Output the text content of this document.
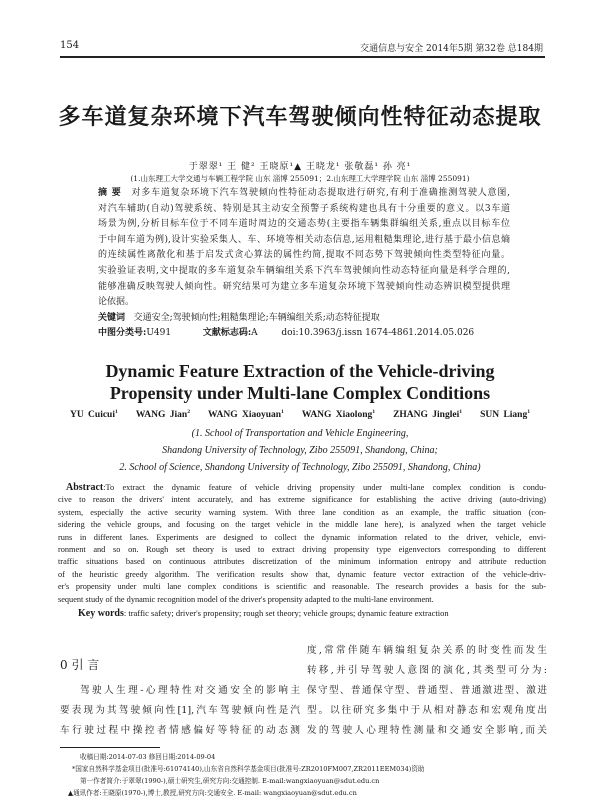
154	交通信息与安全 2014年5期 第32卷 总184期
多车道复杂环境下汽车驾驶倾向性特征动态提取
于翠翠¹ 王 健² 王晓原¹▲ 王晓龙¹ 张敬磊¹ 孙 亮¹
(1.山东理工大学交通与车辆工程学院 山东 淄博 255091；2.山东理工大学理学院 山东 淄博 255091)
摘 要 对多车道复杂环境下汽车驾驶倾向性特征动态提取进行研究,有利于准确推测驾驶人意图,
对汽车辅助(自动)驾驶系统、特别是其主动安全预警子系统构建也具有十分重要的意义。以3车道
场景为例,分析目标车位于不同车道时周边的交通态势(主要指车辆集群编组关系,重点以目标车位
于中间车道为例),设计实验采集人、车、环境等相关动态信息,运用粗糙集理论,进行基于最小信息熵
的连续属性离散化和基于启发式贪心算法的属性约简,提取不同态势下驾驶倾向性类型特征向量。
实验验证表明,文中提取的多车道复杂车辆编组关系下汽车驾驶倾向性动态特征向量是科学合理的,
能够准确反映驾驶人倾向性。研究结果可为建立多车道复杂环境下驾驶倾向性动态辨识模型提供理
论依据。
关键词 交通安全;驾驶倾向性;粗糙集理论;车辆编组关系;动态特征提取
中图分类号:U491	文献标志码:A	doi:10.3963/j.issn 1674-4861.2014.05.026
Dynamic Feature Extraction of the Vehicle-driving
Propensity under Multi-lane Complex Conditions
YU Cuicui$^1$ WANG Jian$^2$ WANG Xiaoyuan$^1$ WANG Xiaolong$^1$ ZHANG Jinglei$^1$ SUN Liang$^1$
(1. School of Transportation and Vehicle Engineering,
Shandong University of Technology, Zibo 255091, Shandong, China;
2. School of Science, Shandong University of Technology, Zibo 255091, Shandong, China)
Abstract:To extract the dynamic feature of vehicle driving propensity under multi-lane complex condition is condu-
cive to reason the drivers' intent accurately, and has extreme significance for establishing the active driving (auto-driving)
system, especially the active security warning system. With three lane condition as an example, the traffic situation (con-
sidering the vehicle groups, and focusing on the target vehicle in the middle lane here), is analyzed when the target vehicle
runs in different lanes. Experiments are designed to collect the dynamic information related to the driver, vehicle, envi-
ronment and so on. Rough set theory is used to extract driving propensity type eigenvectors corresponding to different
traffic situations based on continuous attributes discretization of the minimum information entropy and attribute reduction
of the heuristic greedy algorithm. The verification results show that, dynamic feature vector extraction of the vehicle-driv-
er's propensity under multi lane complex conditions is scientific and reasonable. The research provides a basis for the sub-
sequent study of the dynamic recognition model of the driver's propensity adapted to the multi-lane environment.
Key words: traffic safety; driver's propensity; rough set theory; vehicle groups; dynamic feature extraction
0 引 言
驾驶人生理-心理特性对交通安全的影响主
要表现为其驾驶倾向性[1],汽车驾驶倾向性是汽
车行驶过程中操控者情感偏好等特征的动态测
度,常常伴随车辆编组复杂关系的时变性而发生
转移,并引导驾驶人意图的演化,其类型可分为:
保守型、普通保守型、普通型、普通激进型、激进
型。以往研究多集中于从相对静态和宏观角度出
发的驾驶人心理特性测量和交通安全影响,而关
收稿日期:2014-07-03 修回日期:2014-09-04
*国家自然科学基金项目(批准号:61074140),山东省自然科学基金项目(批准号:ZR2010FM007,ZR2011EEM034)资助
第一作者简介:于翠翠(1990-),硕士研究生,研究方向:交通控制. E-mail:wangxiaoyuan@sdut.edu.cn
▲通讯作者:王晓原(1970-),博士,教授,研究方向:交通安全. E-mail: wangxiaoyuan@sdut.edu.cn
